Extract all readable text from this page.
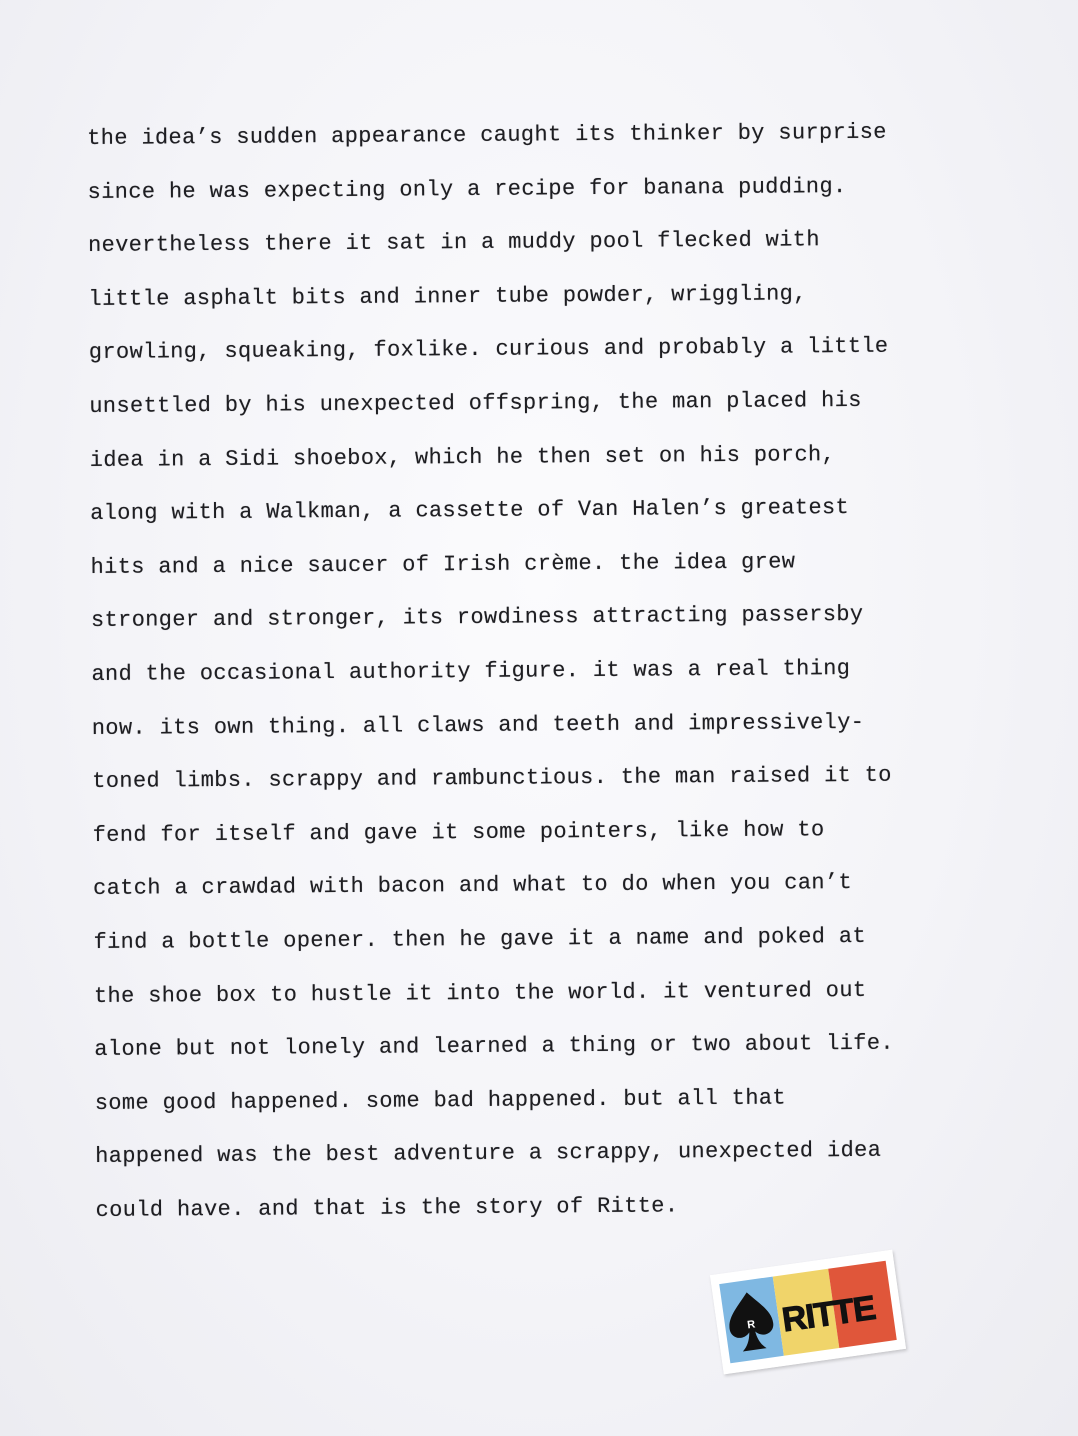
the idea’s sudden appearance caught its thinker by surprise
since he was expecting only a recipe for banana pudding.
nevertheless there it sat in a muddy pool flecked with
little asphalt bits and inner tube powder, wriggling,
growling, squeaking, foxlike. curious and probably a little
unsettled by his unexpected offspring, the man placed his
idea in a Sidi shoebox, which he then set on his porch,
along with a Walkman, a cassette of Van Halen’s greatest
hits and a nice saucer of Irish crème. the idea grew
stronger and stronger, its rowdiness attracting passersby
and the occasional authority figure. it was a real thing
now. its own thing. all claws and teeth and impressively-
toned limbs. scrappy and rambunctious. the man raised it to
fend for itself and gave it some pointers, like how to
catch a crawdad with bacon and what to do when you can’t
find a bottle opener. then he gave it a name and poked at
the shoe box to hustle it into the world. it ventured out
alone but not lonely and learned a thing or two about life.
some good happened. some bad happened. but all that
happened was the best adventure a scrappy, unexpected idea
could have. and that is the story of Ritte.
R RITTE
